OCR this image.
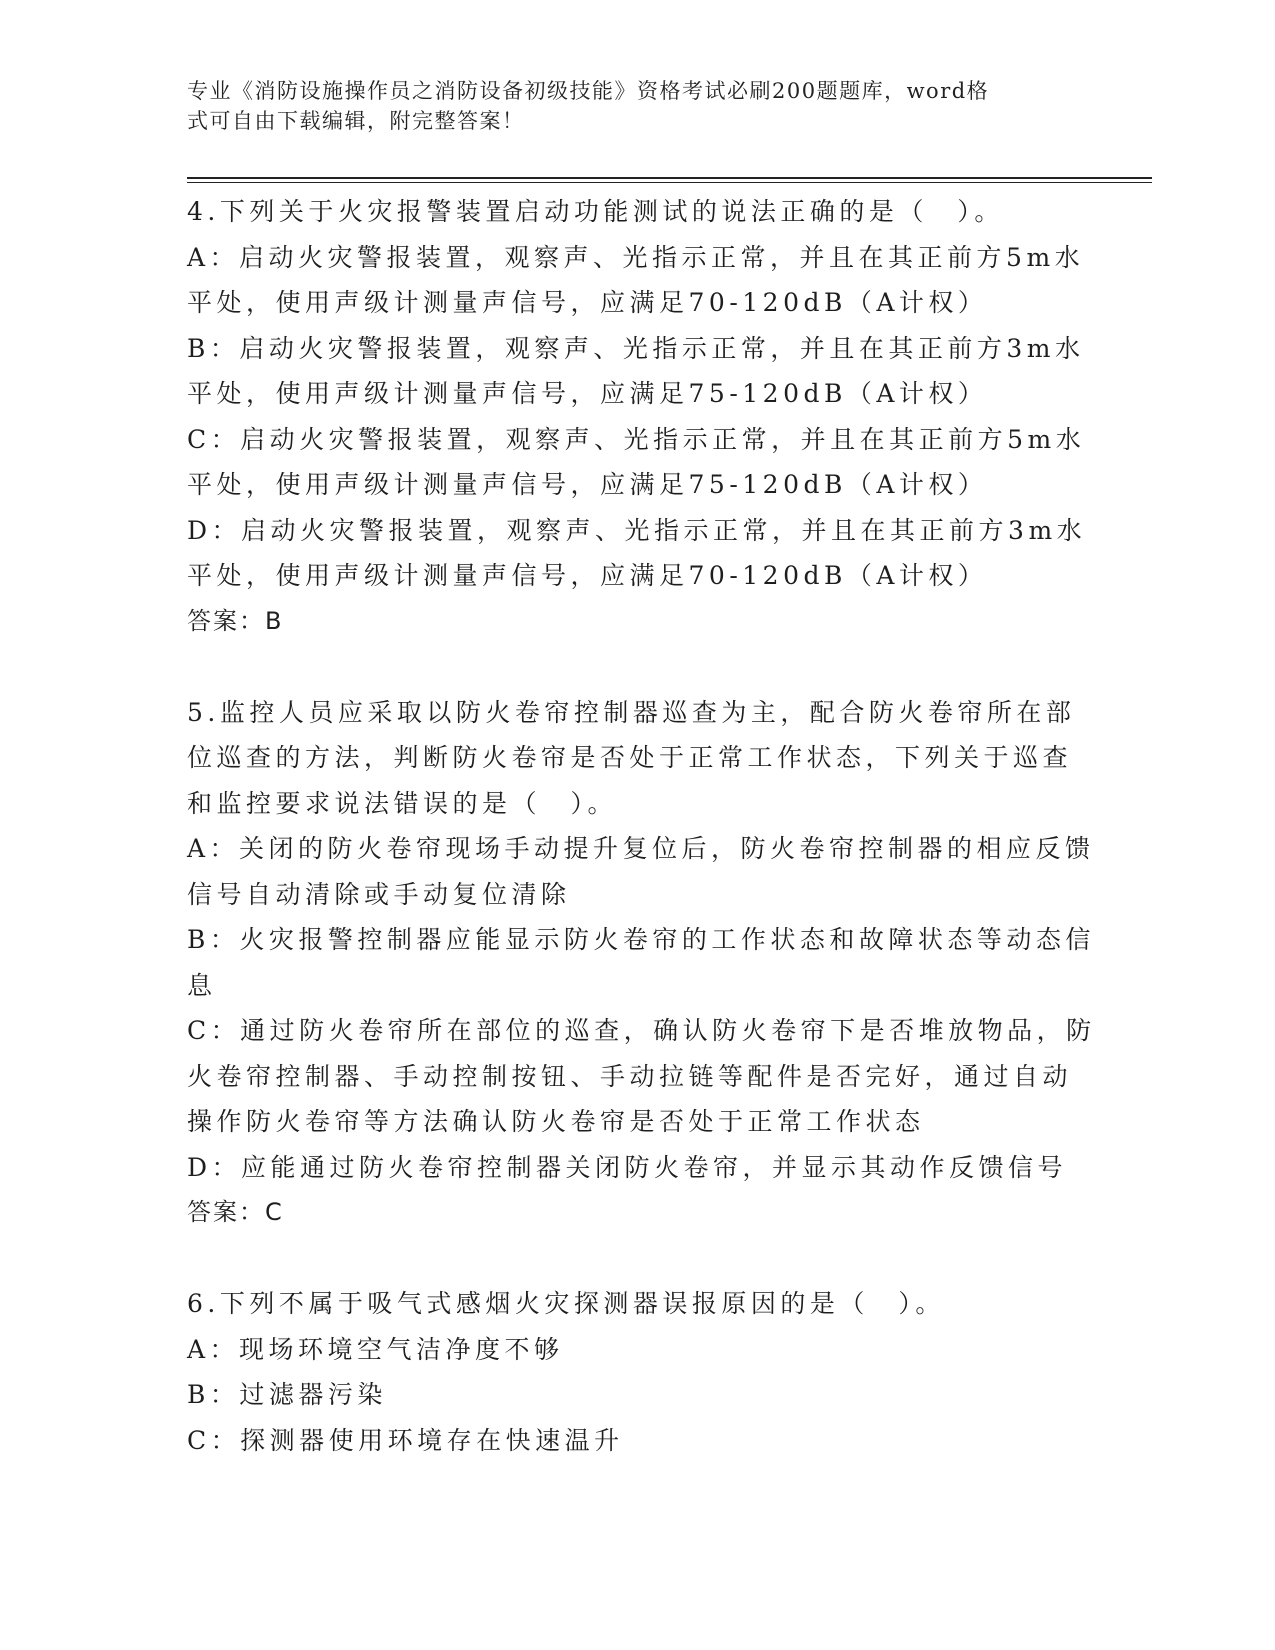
专业《消防设施操作员之消防设备初级技能》资格考试必刷200题题库，word格
式可自由下载编辑，附完整答案！
4.下列关于火灾报警装置启动功能测试的说法正确的是（　）。
A：启动火灾警报装置，观察声、光指示正常，并且在其正前方5m水
平处，使用声级计测量声信号，应满足70-120dB（A计权）
B：启动火灾警报装置，观察声、光指示正常，并且在其正前方3m水
平处，使用声级计测量声信号，应满足75-120dB（A计权）
C：启动火灾警报装置，观察声、光指示正常，并且在其正前方5m水
平处，使用声级计测量声信号，应满足75-120dB（A计权）
D：启动火灾警报装置，观察声、光指示正常，并且在其正前方3m水
平处，使用声级计测量声信号，应满足70-120dB（A计权）
答案：B
5.监控人员应采取以防火卷帘控制器巡查为主，配合防火卷帘所在部
位巡查的方法，判断防火卷帘是否处于正常工作状态，下列关于巡查
和监控要求说法错误的是（　）。
A：关闭的防火卷帘现场手动提升复位后，防火卷帘控制器的相应反馈
信号自动清除或手动复位清除
B：火灾报警控制器应能显示防火卷帘的工作状态和故障状态等动态信
息
C：通过防火卷帘所在部位的巡查，确认防火卷帘下是否堆放物品，防
火卷帘控制器、手动控制按钮、手动拉链等配件是否完好，通过自动
操作防火卷帘等方法确认防火卷帘是否处于正常工作状态
D：应能通过防火卷帘控制器关闭防火卷帘，并显示其动作反馈信号
答案：C
6.下列不属于吸气式感烟火灾探测器误报原因的是（　）。
A：现场环境空气洁净度不够
B：过滤器污染
C：探测器使用环境存在快速温升
